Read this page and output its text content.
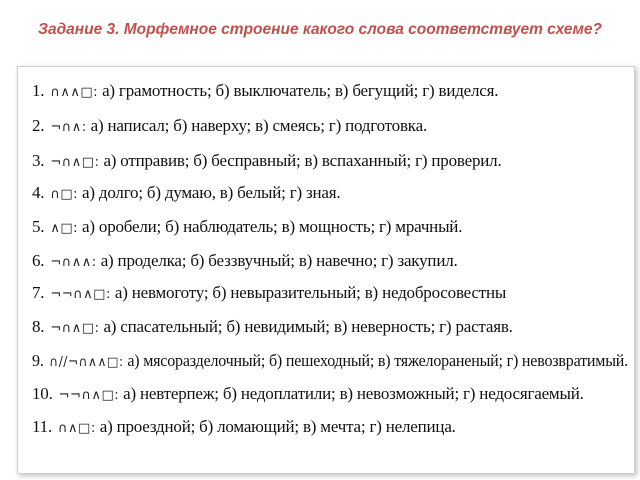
Задание 3. Морфемное строение какого слова соответствует схеме?
1. ∩∧∧□: а) грамотность; б) выключатель; в) бегущий; г) виделся.
2. ¬∩∧: а) написал; б) наверху; в) смеясь; г) подготовка.
3. ¬∩∧□: а) отправив; б) бесправный; в) вспаханный; г) проверил.
4. ∩□: а) долго; б) думаю, в) белый; г) зная.
5. ∧□: а) оробели; б) наблюдатель; в) мощность; г) мрачный.
6. ¬∩∧∧: а) проделка; б) беззвучный; в) навечно; г) закупил.
7. ¬¬∩∧□: а) невмоготу; б) невыразительный; в) недобросовестны
8. ¬∩∧□: а) спасательный; б) невидимый; в) неверность; г) растаяв.
9. ∩//¬∩∧∧□: а) мясоразделочный; б) пешеходный; в) тяжелораненый; г) невозвратимый.
10. ¬¬∩∧□: а) невтерпеж; б) недоплатили; в) невозможный; г) недосягаемый.
11. ∩∧□: а) проездной; б) ломающий; в) мечта; г) нелепица.
